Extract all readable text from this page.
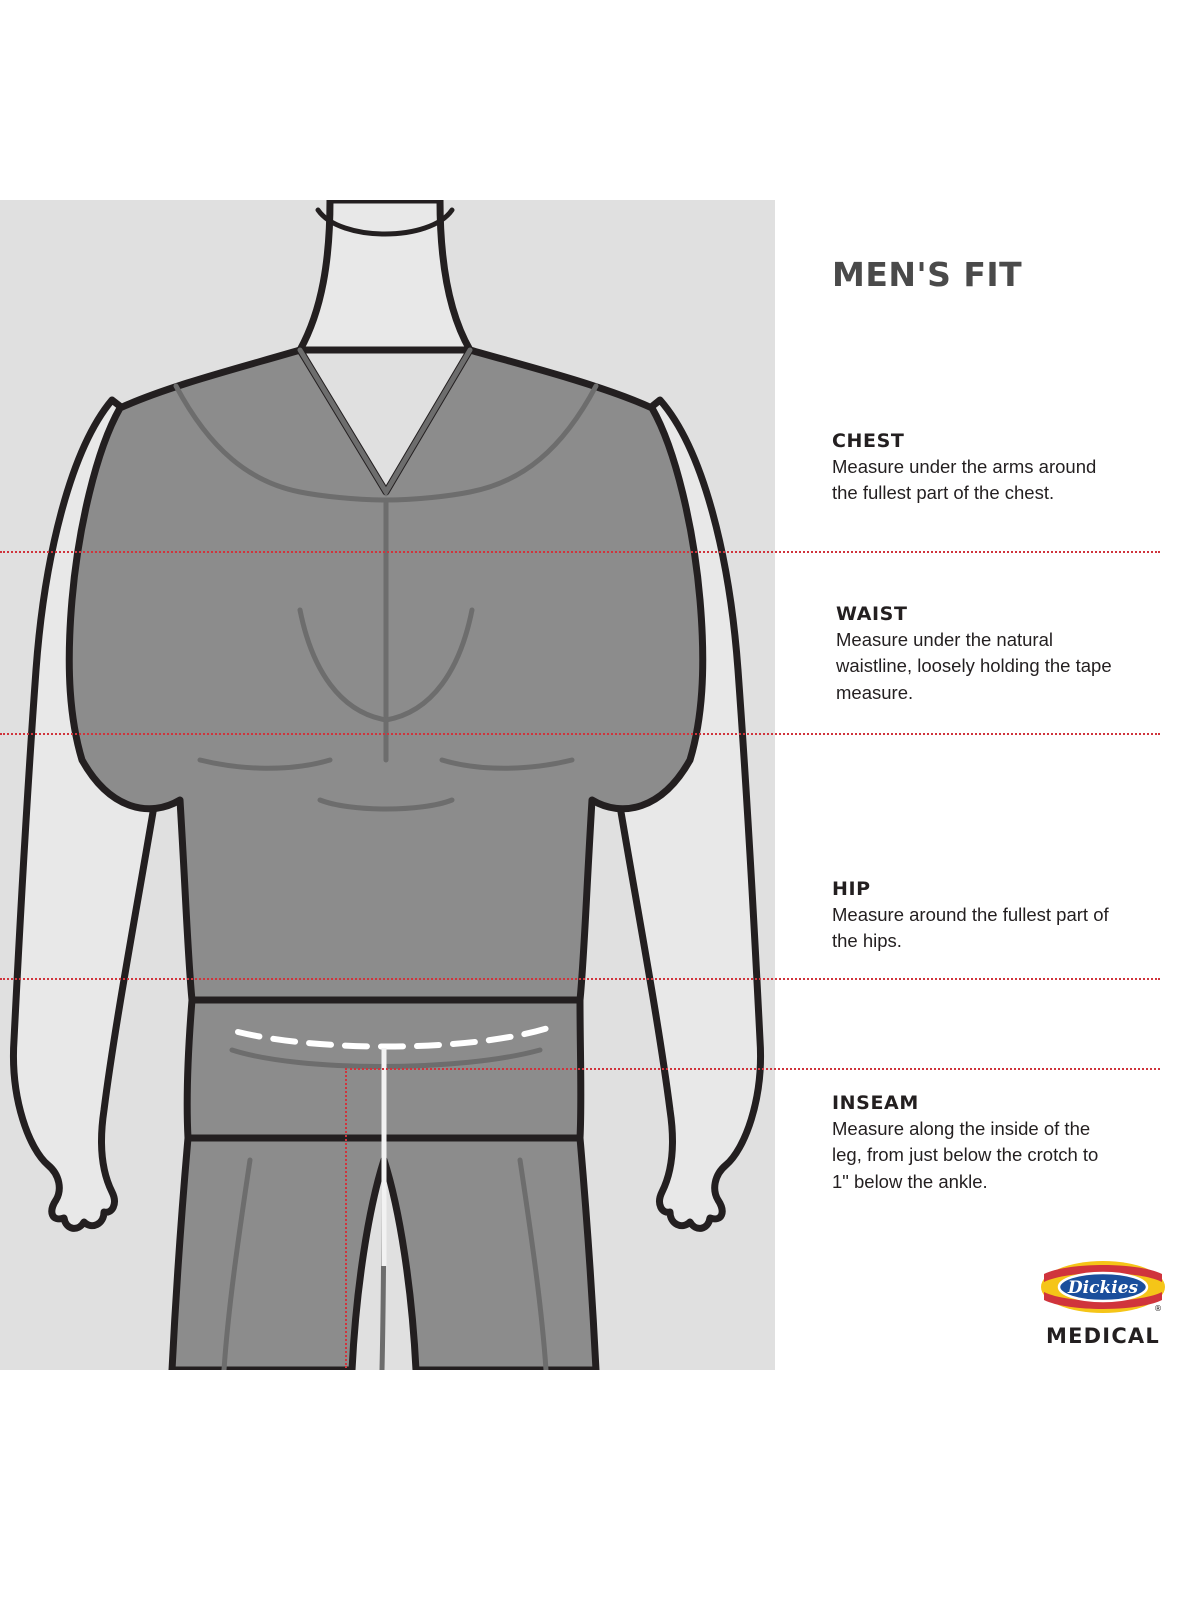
MEN'S FIT
CHEST
Measure under the arms around the fullest part of the chest.
WAIST
Measure under the natural waistline, loosely holding the tape measure.
HIP
Measure around the fullest part of the hips.
INSEAM
Measure along the inside of the leg, from just below the crotch to 1" below the ankle.
Dickies
®
MEDICAL
